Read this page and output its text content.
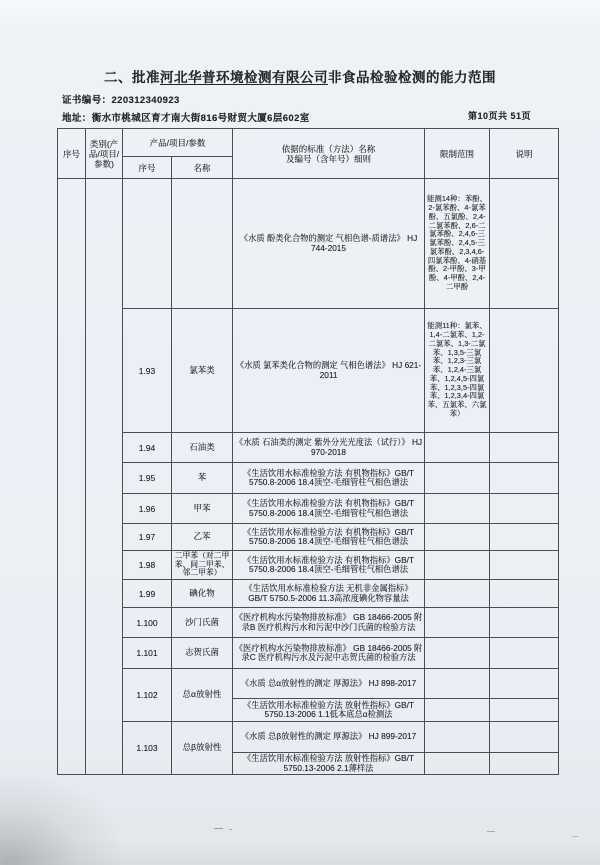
二、批准河北华普环境检测有限公司非食品检验检测的能力范围
证书编号：220312340923
地址：衡水市桃城区育才南大街816号财贸大厦6层602室	第10页共 51页
序号	类别(产品/项目/参数)	产品/项目/参数		依据的标准（方法）名称
及编号（含年号）细则	限制范围	说明
		序号	名称			
				《水质 酚类化合物的测定 气相色谱-质谱法》 HJ 744-2015	能测14种：苯酚、2-氯苯酚、4-氯苯酚、五氯酚、2,4-二氯苯酚、2,6-二氯苯酚、2,4,6-三氯苯酚、2,4,5-三氯苯酚、2,3,4,6-四氯苯酚、4-硝基酚、2-甲酚、3-甲酚、4-甲酚、2,4-二甲酚	
		1.93	氯苯类	《水质 氯苯类化合物的测定 气相色谱法》 HJ 621-2011	能测11种：氯苯、1,4-二氯苯、1,2-二氯苯、1,3-二氯苯、1,3,5-三氯苯、1,2,3-三氯苯、1,2,4-三氯苯、1,2,4,5-四氯苯、1,2,3,5-四氯苯、1,2,3,4-四氯苯、五氯苯、六氯苯）	
		1.94	石油类	《水质 石油类的测定 紫外分光光度法（试行）》 HJ 970-2018		
		1.95	苯	《生活饮用水标准检验方法 有机物指标》GB/T 5750.8-2006 18.4顶空-毛细管柱气相色谱法		
		1.96	甲苯	《生活饮用水标准检验方法 有机物指标》GB/T 5750.8-2006 18.4顶空-毛细管柱气相色谱法		
		1.97	乙苯	《生活饮用水标准检验方法 有机物指标》GB/T 5750.8-2006 18.4顶空-毛细管柱气相色谱法		
		1.98	二甲苯（对二甲苯、间二甲苯、邻二甲苯）	《生活饮用水标准检验方法 有机物指标》GB/T 5750.8-2006 18.4顶空-毛细管柱气相色谱法		
		1.99	碘化物	《生活饮用水标准检验方法 无机非金属指标》 GB/T 5750.5-2006 11.3高浓度碘化物容量法		
		1.100	沙门氏菌	《医疗机构水污染物排放标准》 GB 18466-2005 附录B 医疗机构污水和污泥中沙门氏菌的检验方法		
		1.101	志贺氏菌	《医疗机构水污染物排放标准》 GB 18466-2005 附录C 医疗机构污水及污泥中志贺氏菌的检验方法		
		1.102	总α放射性	《水质 总α放射性的测定 厚源法》 HJ 898-2017		
				《生活饮用水标准检验方法 放射性指标》GB/T 5750.13-2006 1.1低本底总α检测法		
		1.103	总β放射性	《水质 总β放射性的测定 厚源法》 HJ 899-2017		
				《生活饮用水标准检验方法 放射性指标》GB/T 5750.13-2006 2.1薄样法		
